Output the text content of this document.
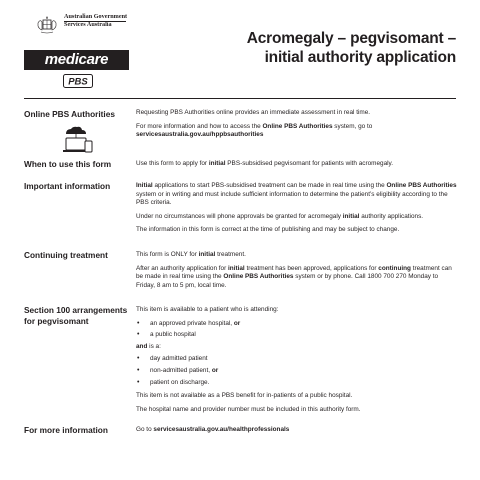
Australian Government
Services Australia
medicare
PBS
Acromegaly – pegvisomant –
initial authority application
Online PBS Authorities	Requesting PBS Authorities online provides an immediate assessment in real time.

For more information and how to access the Online PBS Authorities system, go to
servicesaustralia.gov.au/hppbsauthorities

When to use this form	Use this form to apply for initial PBS-subsidised pegvisomant for patients with acromegaly.

Important information	Initial applications to start PBS-subsidised treatment can be made in real time using the Online PBS Authorities system or in writing and must include sufficient information to determine the patient’s eligibility according to the PBS criteria.

Under no circumstances will phone approvals be granted for acromegaly initial authority applications.

The information in this form is correct at the time of publishing and may be subject to change.

Continuing treatment	This form is ONLY for initial treatment.

After an authority application for initial treatment has been approved, applications for continuing treatment can be made in real time using the Online PBS Authorities system or by phone. Call 1800 700 270 Monday to Friday, 8 am to 5 pm, local time.

Section 100 arrangements
for pegvisomant

This item is available to a patient who is attending:

• an approved private hospital, or
• a public hospital
and is a:
• day admitted patient
• non-admitted patient, or
• patient on discharge.

This item is not available as a PBS benefit for in-patients of a public hospital.

The hospital name and provider number must be included in this authority form.

For more information	Go to servicesaustralia.gov.au/healthprofessionals
